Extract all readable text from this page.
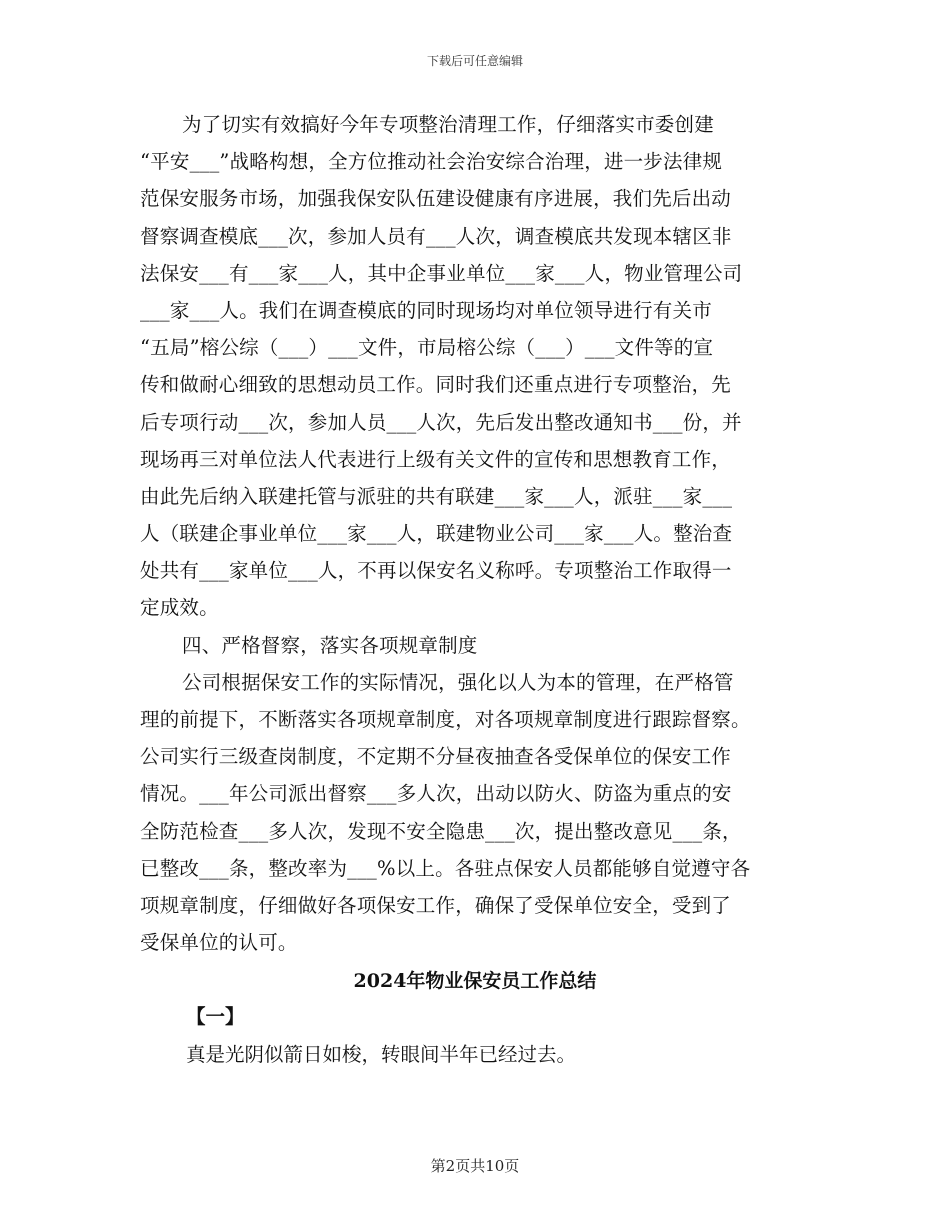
下载后可任意编辑
为了切实有效搞好今年专项整治清理工作，仔细落实市委创建
“平安___”战略构想，全方位推动社会治安综合治理，进一步法律规
范保安服务市场，加强我保安队伍建设健康有序进展，我们先后出动
督察调查模底___次，参加人员有___人次，调查模底共发现本辖区非
法保安___有___家___人，其中企事业单位___家___人，物业管理公司
___家___人。我们在调查模底的同时现场均对单位领导进行有关市
“五局”榕公综（___）___文件，市局榕公综（___）___文件等的宣
传和做耐心细致的思想动员工作。同时我们还重点进行专项整治，先
后专项行动___次，参加人员___人次，先后发出整改通知书___份，并
现场再三对单位法人代表进行上级有关文件的宣传和思想教育工作，
由此先后纳入联建托管与派驻的共有联建___家___人，派驻___家___
人（联建企事业单位___家___人，联建物业公司___家___人。整治查
处共有___家单位___人，不再以保安名义称呼。专项整治工作取得一
定成效。
四、严格督察，落实各项规章制度
公司根据保安工作的实际情况，强化以人为本的管理，在严格管
理的前提下，不断落实各项规章制度，对各项规章制度进行跟踪督察。
公司实行三级查岗制度，不定期不分昼夜抽查各受保单位的保安工作
情况。___年公司派出督察___多人次，出动以防火、防盗为重点的安
全防范检查___多人次，发现不安全隐患___次，提出整改意见___条，
已整改___条，整改率为___%以上。各驻点保安人员都能够自觉遵守各
项规章制度，仔细做好各项保安工作，确保了受保单位安全，受到了
受保单位的认可。
2024年物业保安员工作总结
【一】
真是光阴似箭日如梭，转眼间半年已经过去。
第2页共10页
